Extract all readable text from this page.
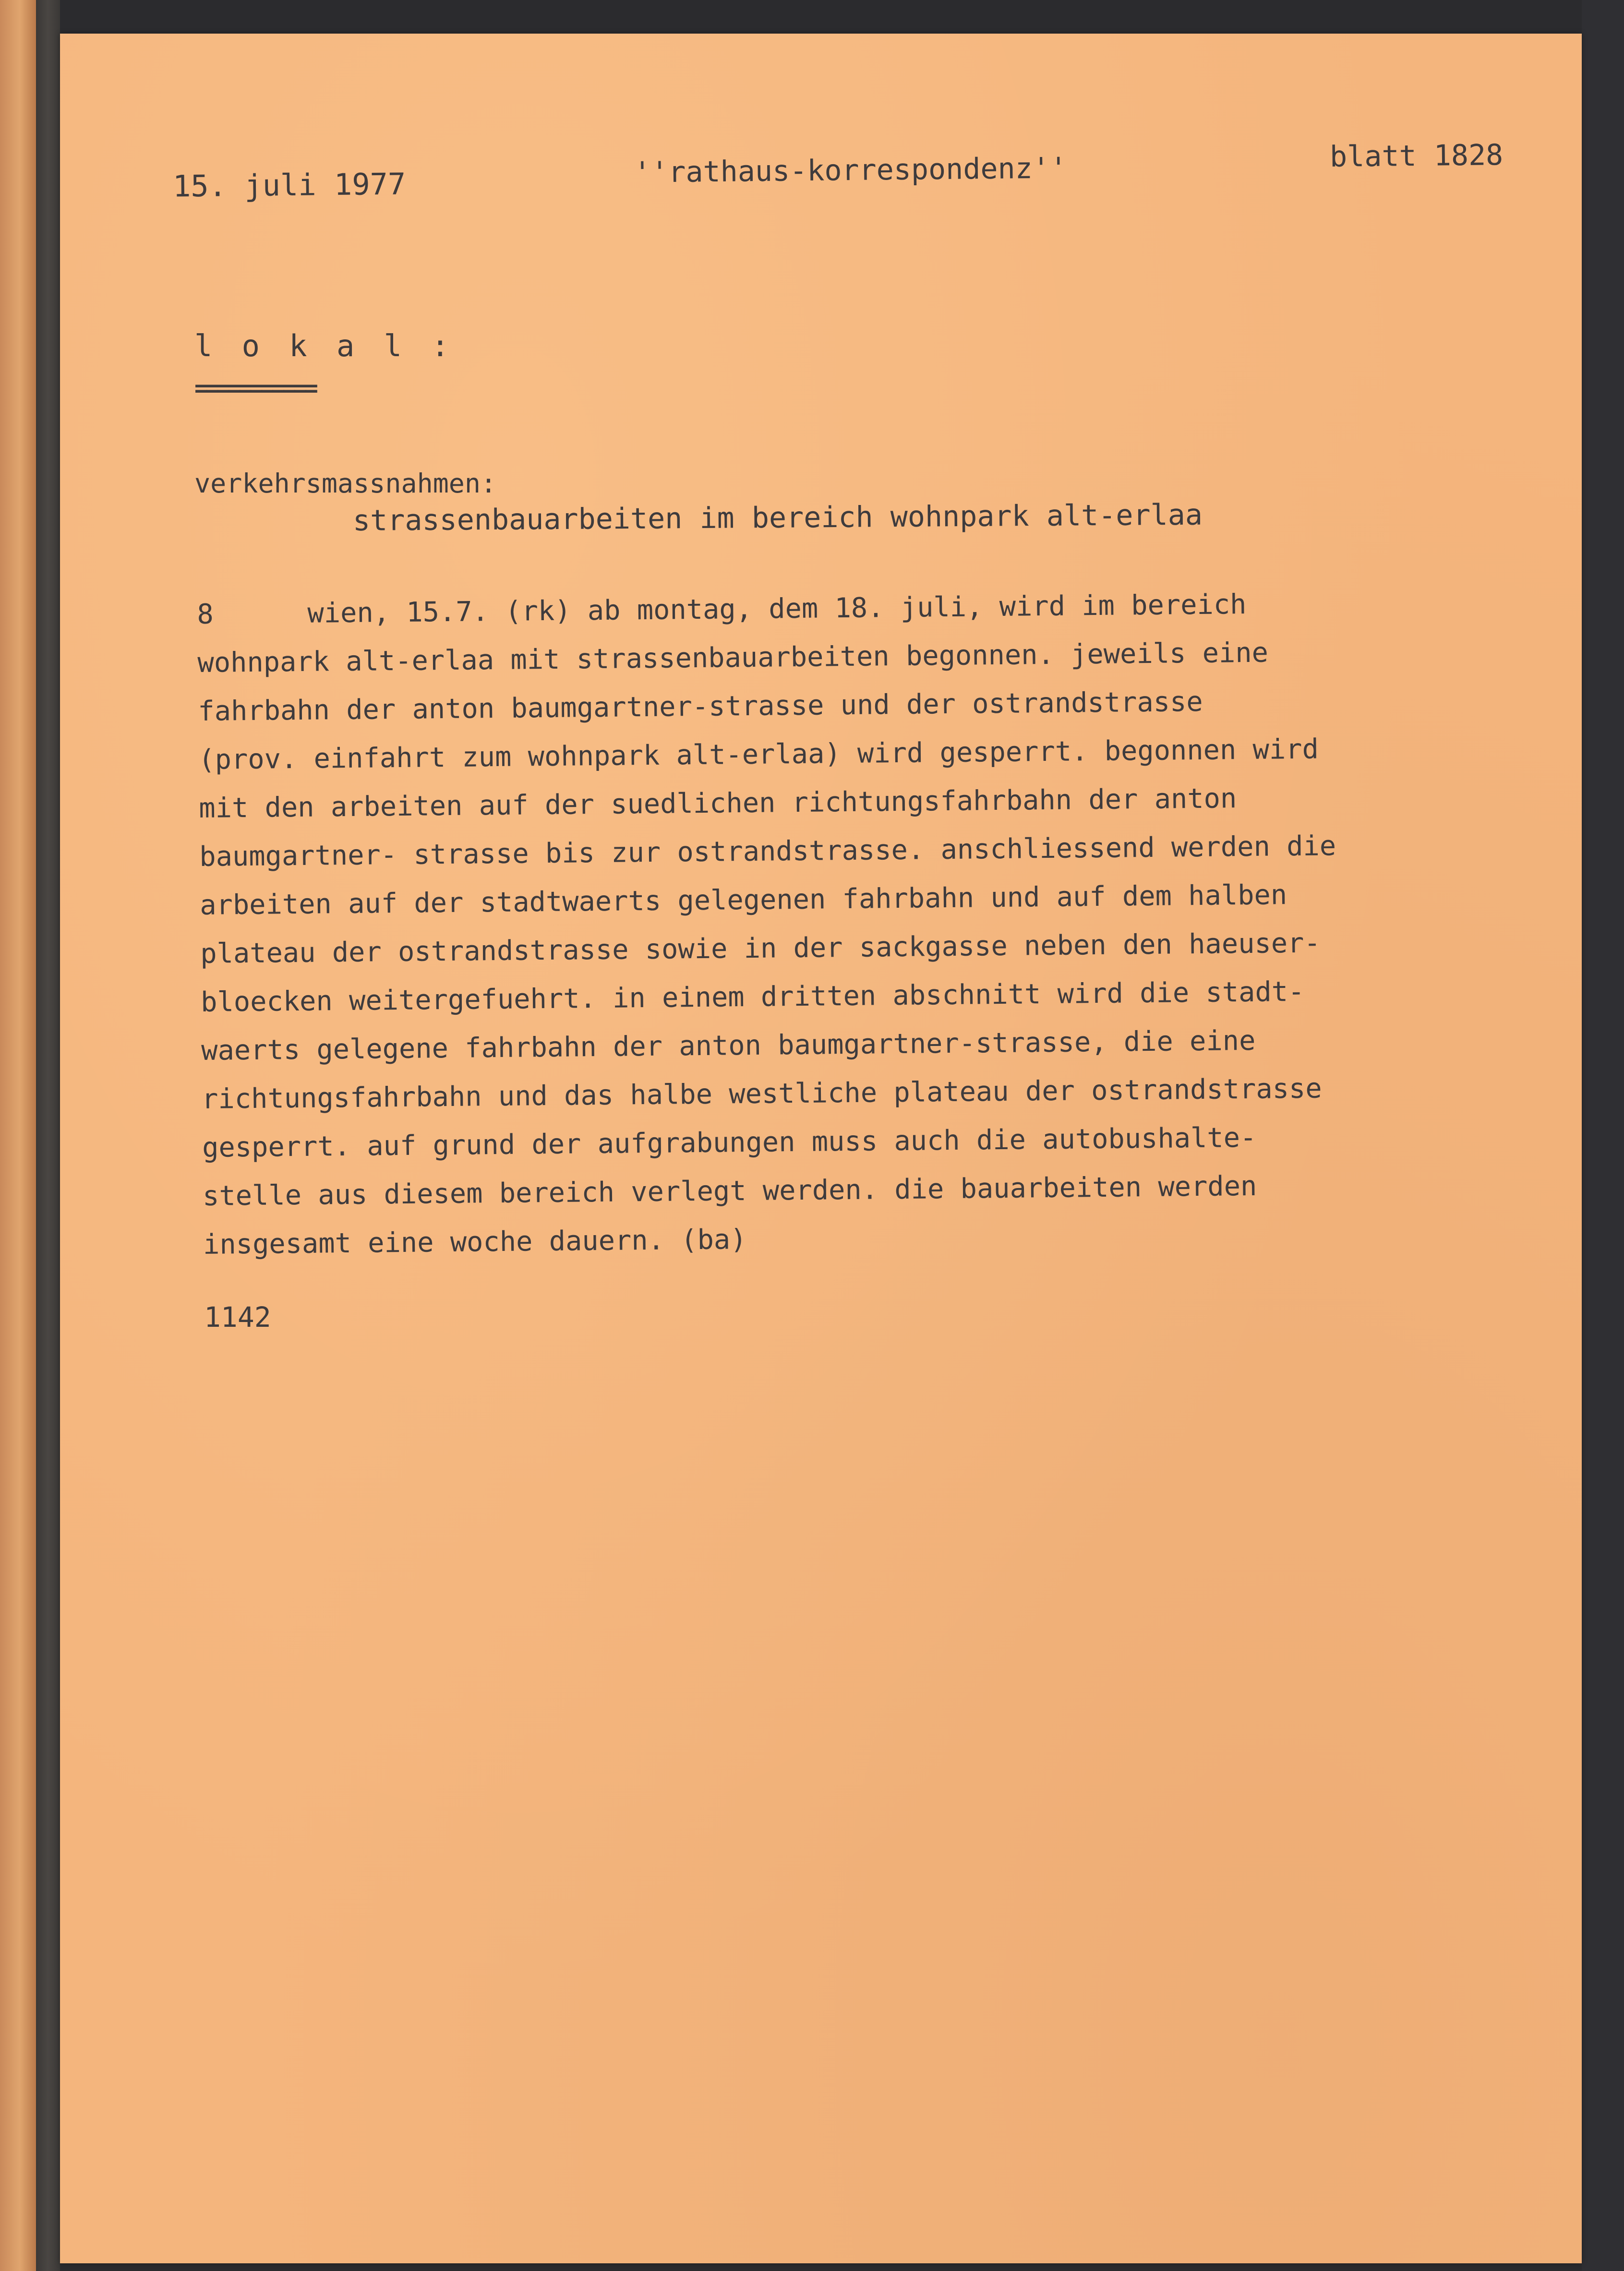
15. juli 1977	''rathaus-korrespondenz''	blatt 1828
l o k a l :
===========
verkehrsmassnahmen:
strassenbauarbeiten im bereich wohnpark alt-erlaa
8	wien, 15.7. (rk) ab montag, dem 18. juli, wird im bereich
wohnpark alt-erlaa mit strassenbauarbeiten begonnen. jeweils eine
fahrbahn der anton baumgartner-strasse und der ostrandstrasse
(prov. einfahrt zum wohnpark alt-erlaa) wird gesperrt. begonnen wird
mit den arbeiten auf der suedlichen richtungsfahrbahn der anton
baumgartner- strasse bis zur ostrandstrasse. anschliessend werden die
arbeiten auf der stadtwaerts gelegenen fahrbahn und auf dem halben
plateau der ostrandstrasse sowie in der sackgasse neben den haeuser-
bloecken weitergefuehrt. in einem dritten abschnitt wird die stadt-
waerts gelegene fahrbahn der anton baumgartner-strasse, die eine
richtungsfahrbahn und das halbe westliche plateau der ostrandstrasse
gesperrt. auf grund der aufgrabungen muss auch die autobushalte-
stelle aus diesem bereich verlegt werden. die bauarbeiten werden
insgesamt eine woche dauern. (ba)
1142
